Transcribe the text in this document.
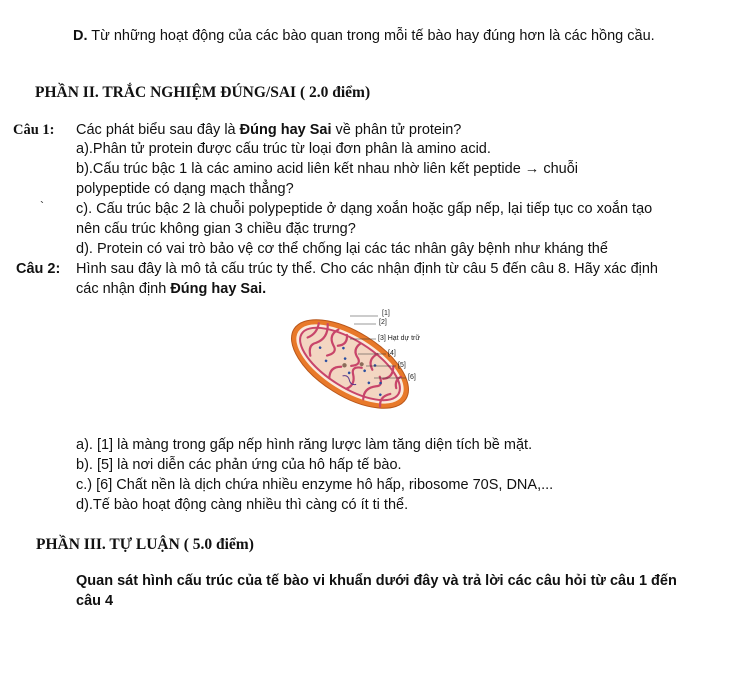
D. Từ những hoạt động của các bào quan trong mỗi tế bào hay đúng hơn là các hồng cầu.
PHẦN II. TRẮC NGHIỆM ĐÚNG/SAI ( 2.0 điểm)
Câu 1: Các phát biểu sau đây là Đúng hay Sai về phân tử protein?
a).Phân tử protein được cấu trúc từ loại đơn phân là amino acid.
b).Cấu trúc bậc 1 là các amino acid liên kết nhau nhờ liên kết peptide → chuỗi
polypeptide có dạng mạch thẳng?
` c). Cấu trúc bậc 2 là chuỗi polypeptide ở dạng xoắn hoặc gấp nếp, lại tiếp tục co xoắn tạo
nên cấu trúc không gian 3 chiều đặc trưng?
d). Protein có vai trò bảo vệ cơ thể chống lại các tác nhân gây bệnh như kháng thể
Câu 2: Hình sau đây là mô tả cấu trúc ty thể. Cho các nhận định từ câu 5 đến câu 8. Hãy xác định
các nhận định Đúng hay Sai.
[1]
[2]
[3] Hạt dự trữ
[4]
[5]
[6]
a). [1] là màng trong gấp nếp hình răng lược làm tăng diện tích bề mặt.
b). [5] là nơi diễn các phản ứng của hô hấp tế bào.
c.) [6] Chất nền là dịch chứa nhiều enzyme hô hấp, ribosome 70S, DNA,...
d).Tế bào hoạt động càng nhiều thì càng có ít ti thể.
PHẦN III. TỰ LUẬN ( 5.0 điểm)
Quan sát hình cấu trúc của tế bào vi khuẩn dưới đây và trả lời các câu hỏi từ câu 1 đến
câu 4
